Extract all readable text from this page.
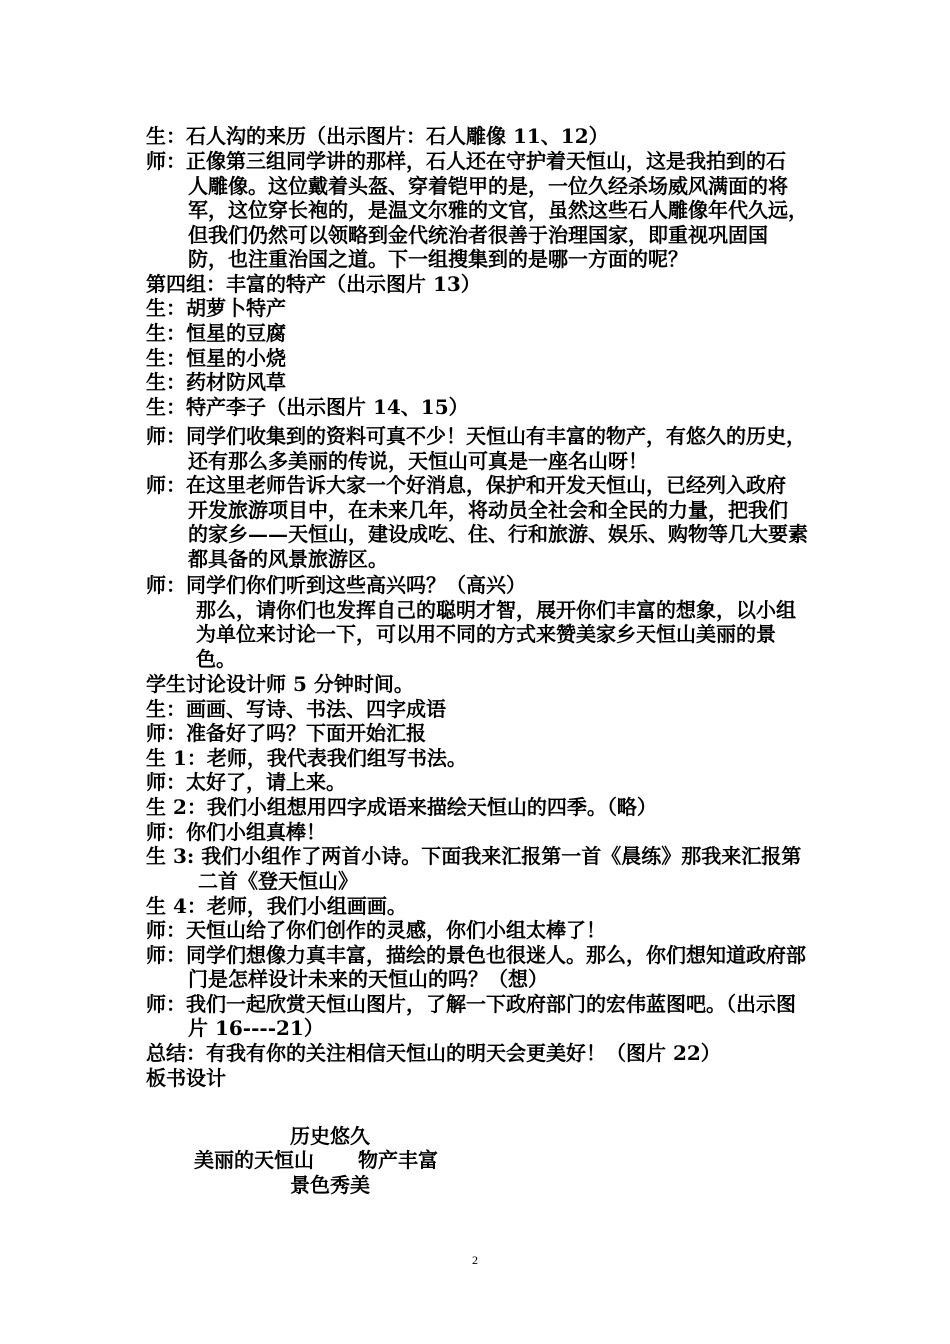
生：石人沟的来历（出示图片：石人雕像 11、12）
师：正像第三组同学讲的那样，石人还在守护着天恒山，这是我拍到的石
人雕像。这位戴着头盔、穿着铠甲的是，一位久经杀场威风满面的将
军，这位穿长袍的，是温文尔雅的文官，虽然这些石人雕像年代久远，
但我们仍然可以领略到金代统治者很善于治理国家，即重视巩固国
防，也注重治国之道。下一组搜集到的是哪一方面的呢？
第四组：丰富的特产（出示图片 13）
生：胡萝卜特产
生：恒星的豆腐
生：恒星的小烧
生：药材防风草
生：特产李子（出示图片 14、15）
师：同学们收集到的资料可真不少！天恒山有丰富的物产，有悠久的历史，
还有那么多美丽的传说，天恒山可真是一座名山呀！
师：在这里老师告诉大家一个好消息，保护和开发天恒山，已经列入政府
开发旅游项目中，在未来几年，将动员全社会和全民的力量，把我们
的家乡——天恒山，建设成吃、住、行和旅游、娱乐、购物等几大要素
都具备的风景旅游区。
师：同学们你们听到这些高兴吗？（高兴）
那么，请你们也发挥自己的聪明才智，展开你们丰富的想象，以小组
为单位来讨论一下，可以用不同的方式来赞美家乡天恒山美丽的景
色。
学生讨论设计师 5 分钟时间。
生：画画、写诗、书法、四字成语
师：准备好了吗？下面开始汇报
生 1：老师，我代表我们组写书法。
师：太好了，请上来。
生 2：我们小组想用四字成语来描绘天恒山的四季。（略）
师：你们小组真棒！
生 3: 我们小组作了两首小诗。下面我来汇报第一首《晨练》那我来汇报第
二首《登天恒山》
生 4：老师，我们小组画画。
师：天恒山给了你们创作的灵感，你们小组太棒了！
师：同学们想像力真丰富，描绘的景色也很迷人。那么，你们想知道政府部
门是怎样设计未来的天恒山的吗？（想）
师：我们一起欣赏天恒山图片，了解一下政府部门的宏伟蓝图吧。（出示图
片 16----21）
总结：有我有你的关注相信天恒山的明天会更美好！（图片 22）
板书设计
历史悠久
美丽的天恒山	物产丰富
景色秀美
2
